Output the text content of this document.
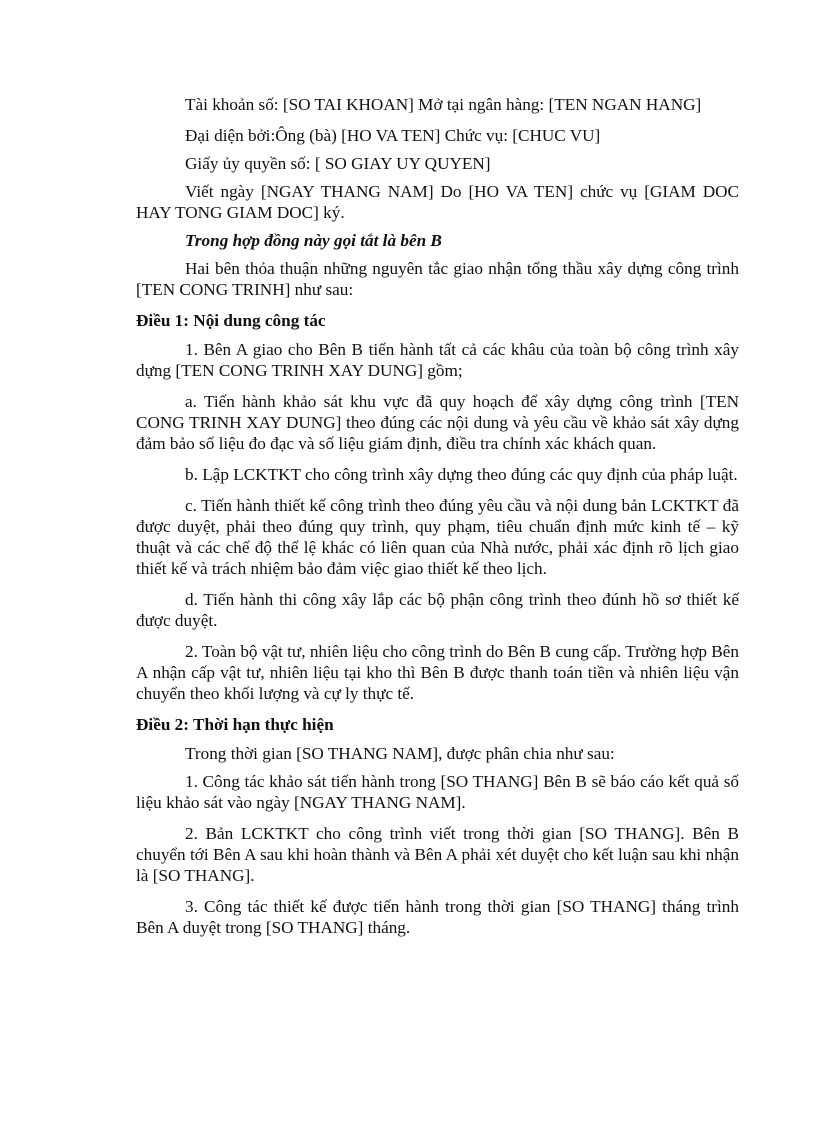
Tài khoản số: [SO TAI KHOAN] Mở tại ngân hàng: [TEN NGAN HANG]

Đại diện bởi:Ông (bà) [HO VA TEN] Chức vụ: [CHUC VU]

Giấy ủy quyền số: [ SO GIAY UY QUYEN]

Viết ngày [NGAY THANG NAM] Do [HO VA TEN] chức vụ [GIAM DOC HAY TONG GIAM DOC] ký.

Trong hợp đồng này gọi tắt là bên B

Hai bên thỏa thuận những nguyên tắc giao nhận tổng thầu xây dựng công trình [TEN CONG TRINH] như sau:

Điều 1: Nội dung công tác

1. Bên A giao cho Bên B tiến hành tất cả các khâu của toàn bộ công trình xây dựng [TEN CONG TRINH XAY DUNG] gồm;

a. Tiến hành khảo sát khu vực đã quy hoạch để xây dựng công trình [TEN CONG TRINH XAY DUNG] theo đúng các nội dung và yêu cầu về khảo sát xây dựng đảm bảo số liệu đo đạc và số liệu giám định, điều tra chính xác khách quan.

b. Lập LCKTKT cho công trình xây dựng theo đúng các quy định của pháp luật.

c. Tiến hành thiết kế công trình theo đúng yêu cầu và nội dung bản LCKTKT đã được duyệt, phải theo đúng quy trình, quy phạm, tiêu chuẩn định mức kinh tế – kỹ thuật và các chế độ thể lệ khác có liên quan của Nhà nước, phải xác định rõ lịch giao thiết kế và trách nhiệm bảo đảm việc giao thiết kế theo lịch.

d. Tiến hành thi công xây lắp các bộ phận công trình theo đúnh hồ sơ thiết kế được duyệt.

2. Toàn bộ vật tư, nhiên liệu cho công trình do Bên B cung cấp. Trường hợp Bên A nhận cấp vật tư, nhiên liệu tại kho thì Bên B được thanh toán tiền và nhiên liệu vận chuyển theo khối lượng và cự ly thực tế.

Điều 2: Thời hạn thực hiện

Trong thời gian [SO THANG NAM], được phân chia như sau:

1. Công tác khảo sát tiến hành trong [SO THANG] Bên B sẽ báo cáo kết quả số liệu khảo sát vào ngày [NGAY THANG NAM].

2. Bản LCKTKT cho công trình viết trong thời gian [SO THANG]. Bên B chuyển tới Bên A sau khi hoàn thành và Bên A phải xét duyệt cho kết luận sau khi nhận là [SO THANG].

3. Công tác thiết kế được tiến hành trong thời gian [SO THANG] tháng trình Bên A duyệt trong [SO THANG] tháng.
